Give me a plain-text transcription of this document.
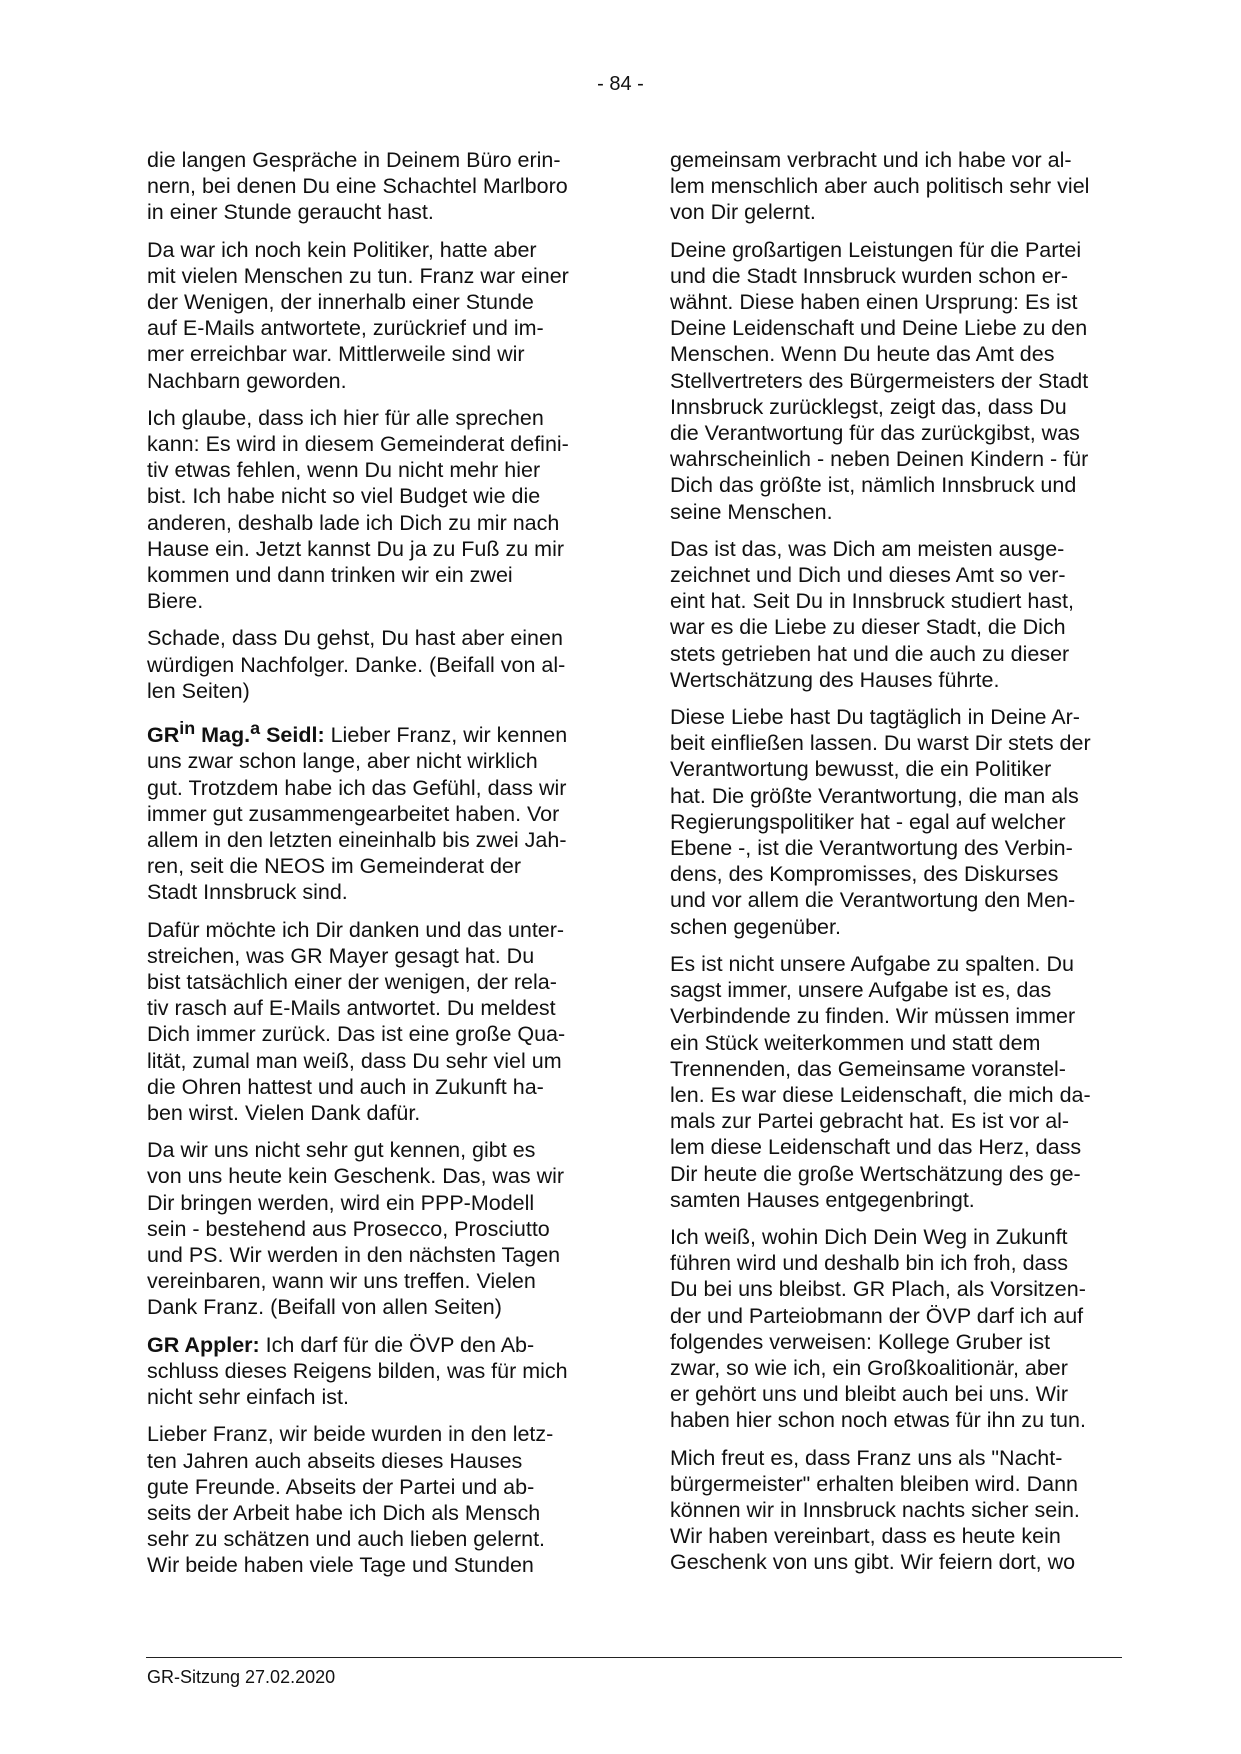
- 84 -

die langen Gespräche in Deinem Büro erin-
nern, bei denen Du eine Schachtel Marlboro
in einer Stunde geraucht hast.

Da war ich noch kein Politiker, hatte aber
mit vielen Menschen zu tun. Franz war einer
der Wenigen, der innerhalb einer Stunde
auf E-Mails antwortete, zurückrief und im-
mer erreichbar war. Mittlerweile sind wir
Nachbarn geworden.

Ich glaube, dass ich hier für alle sprechen
kann: Es wird in diesem Gemeinderat defini-
tiv etwas fehlen, wenn Du nicht mehr hier
bist. Ich habe nicht so viel Budget wie die
anderen, deshalb lade ich Dich zu mir nach
Hause ein. Jetzt kannst Du ja zu Fuß zu mir
kommen und dann trinken wir ein zwei
Biere.

Schade, dass Du gehst, Du hast aber einen
würdigen Nachfolger. Danke. (Beifall von al-
len Seiten)

$GR^{in}$ Mag.$^a$ Seidl: Lieber Franz, wir kennen
uns zwar schon lange, aber nicht wirklich
gut. Trotzdem habe ich das Gefühl, dass wir
immer gut zusammengearbeitet haben. Vor
allem in den letzten eineinhalb bis zwei Jah-
ren, seit die NEOS im Gemeinderat der
Stadt Innsbruck sind.

Dafür möchte ich Dir danken und das unter-
streichen, was GR Mayer gesagt hat. Du
bist tatsächlich einer der wenigen, der rela-
tiv rasch auf E-Mails antwortet. Du meldest
Dich immer zurück. Das ist eine große Qua-
lität, zumal man weiß, dass Du sehr viel um
die Ohren hattest und auch in Zukunft ha-
ben wirst. Vielen Dank dafür.

Da wir uns nicht sehr gut kennen, gibt es
von uns heute kein Geschenk. Das, was wir
Dir bringen werden, wird ein PPP-Modell
sein - bestehend aus Prosecco, Prosciutto
und PS. Wir werden in den nächsten Tagen
vereinbaren, wann wir uns treffen. Vielen
Dank Franz. (Beifall von allen Seiten)

GR Appler: Ich darf für die ÖVP den Ab-
schluss dieses Reigens bilden, was für mich
nicht sehr einfach ist.

Lieber Franz, wir beide wurden in den letz-
ten Jahren auch abseits dieses Hauses
gute Freunde. Abseits der Partei und ab-
seits der Arbeit habe ich Dich als Mensch
sehr zu schätzen und auch lieben gelernt.
Wir beide haben viele Tage und Stunden

gemeinsam verbracht und ich habe vor al-
lem menschlich aber auch politisch sehr viel
von Dir gelernt.

Deine großartigen Leistungen für die Partei
und die Stadt Innsbruck wurden schon er-
wähnt. Diese haben einen Ursprung: Es ist
Deine Leidenschaft und Deine Liebe zu den
Menschen. Wenn Du heute das Amt des
Stellvertreters des Bürgermeisters der Stadt
Innsbruck zurücklegst, zeigt das, dass Du
die Verantwortung für das zurückgibst, was
wahrscheinlich - neben Deinen Kindern - für
Dich das größte ist, nämlich Innsbruck und
seine Menschen.

Das ist das, was Dich am meisten ausge-
zeichnet und Dich und dieses Amt so ver-
eint hat. Seit Du in Innsbruck studiert hast,
war es die Liebe zu dieser Stadt, die Dich
stets getrieben hat und die auch zu dieser
Wertschätzung des Hauses führte.

Diese Liebe hast Du tagtäglich in Deine Ar-
beit einfließen lassen. Du warst Dir stets der
Verantwortung bewusst, die ein Politiker
hat. Die größte Verantwortung, die man als
Regierungspolitiker hat - egal auf welcher
Ebene -, ist die Verantwortung des Verbin-
dens, des Kompromisses, des Diskurses
und vor allem die Verantwortung den Men-
schen gegenüber.

Es ist nicht unsere Aufgabe zu spalten. Du
sagst immer, unsere Aufgabe ist es, das
Verbindende zu finden. Wir müssen immer
ein Stück weiterkommen und statt dem
Trennenden, das Gemeinsame voranstel-
len. Es war diese Leidenschaft, die mich da-
mals zur Partei gebracht hat. Es ist vor al-
lem diese Leidenschaft und das Herz, dass
Dir heute die große Wertschätzung des ge-
samten Hauses entgegenbringt.

Ich weiß, wohin Dich Dein Weg in Zukunft
führen wird und deshalb bin ich froh, dass
Du bei uns bleibst. GR Plach, als Vorsitzen-
der und Parteiobmann der ÖVP darf ich auf
folgendes verweisen: Kollege Gruber ist
zwar, so wie ich, ein Großkoalitionär, aber
er gehört uns und bleibt auch bei uns. Wir
haben hier schon noch etwas für ihn zu tun.

Mich freut es, dass Franz uns als "Nacht-
bürgermeister" erhalten bleiben wird. Dann
können wir in Innsbruck nachts sicher sein.
Wir haben vereinbart, dass es heute kein
Geschenk von uns gibt. Wir feiern dort, wo

GR-Sitzung 27.02.2020
